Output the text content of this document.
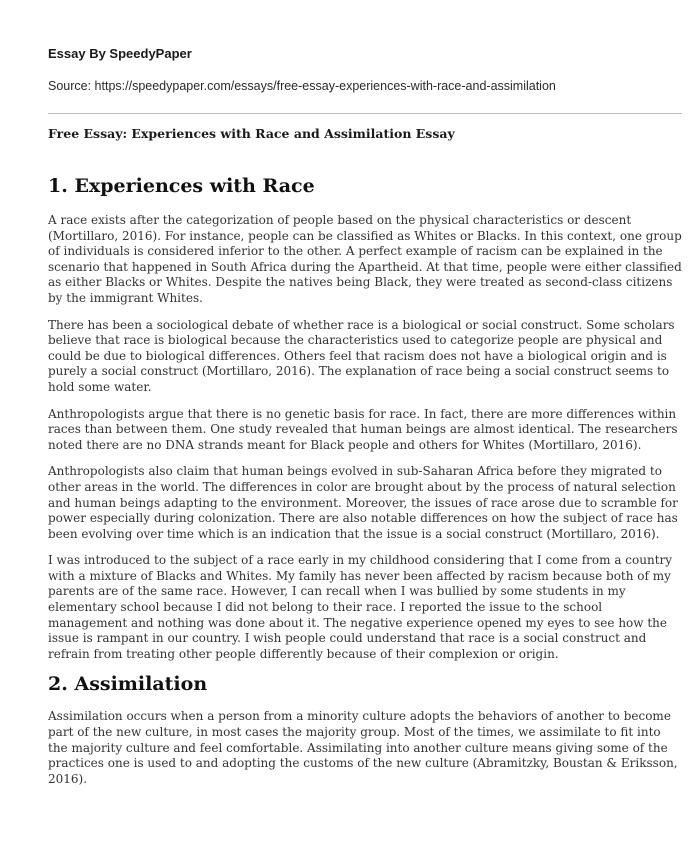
Essay By SpeedyPaper
Source: https://speedypaper.com/essays/free-essay-experiences-with-race-and-assimilation
Free Essay: Experiences with Race and Assimilation Essay
1. Experiences with Race

A race exists after the categorization of people based on the physical characteristics or descent (Mortillaro, 2016). For instance, people can be classified as Whites or Blacks. In this context, one group of individuals is considered inferior to the other. A perfect example of racism can be explained in the scenario that happened in South Africa during the Apartheid. At that time, people were either classified as either Blacks or Whites. Despite the natives being Black, they were treated as second-class citizens by the immigrant Whites.

There has been a sociological debate of whether race is a biological or social construct. Some scholars believe that race is biological because the characteristics used to categorize people are physical and could be due to biological differences. Others feel that racism does not have a biological origin and is purely a social construct (Mortillaro, 2016). The explanation of race being a social construct seems to hold some water.

Anthropologists argue that there is no genetic basis for race. In fact, there are more differences within races than between them. One study revealed that human beings are almost identical. The researchers noted there are no DNA strands meant for Black people and others for Whites (Mortillaro, 2016).

Anthropologists also claim that human beings evolved in sub-Saharan Africa before they migrated to other areas in the world. The differences in color are brought about by the process of natural selection and human beings adapting to the environment. Moreover, the issues of race arose due to scramble for power especially during colonization. There are also notable differences on how the subject of race has been evolving over time which is an indication that the issue is a social construct (Mortillaro, 2016).

I was introduced to the subject of a race early in my childhood considering that I come from a country with a mixture of Blacks and Whites. My family has never been affected by racism because both of my parents are of the same race. However, I can recall when I was bullied by some students in my elementary school because I did not belong to their race. I reported the issue to the school management and nothing was done about it. The negative experience opened my eyes to see how the issue is rampant in our country. I wish people could understand that race is a social construct and refrain from treating other people differently because of their complexion or origin.

2. Assimilation

Assimilation occurs when a person from a minority culture adopts the behaviors of another to become part of the new culture, in most cases the majority group. Most of the times, we assimilate to fit into the majority culture and feel comfortable. Assimilating into another culture means giving some of the practices one is used to and adopting the customs of the new culture (Abramitzky, Boustan & Eriksson, 2016).
